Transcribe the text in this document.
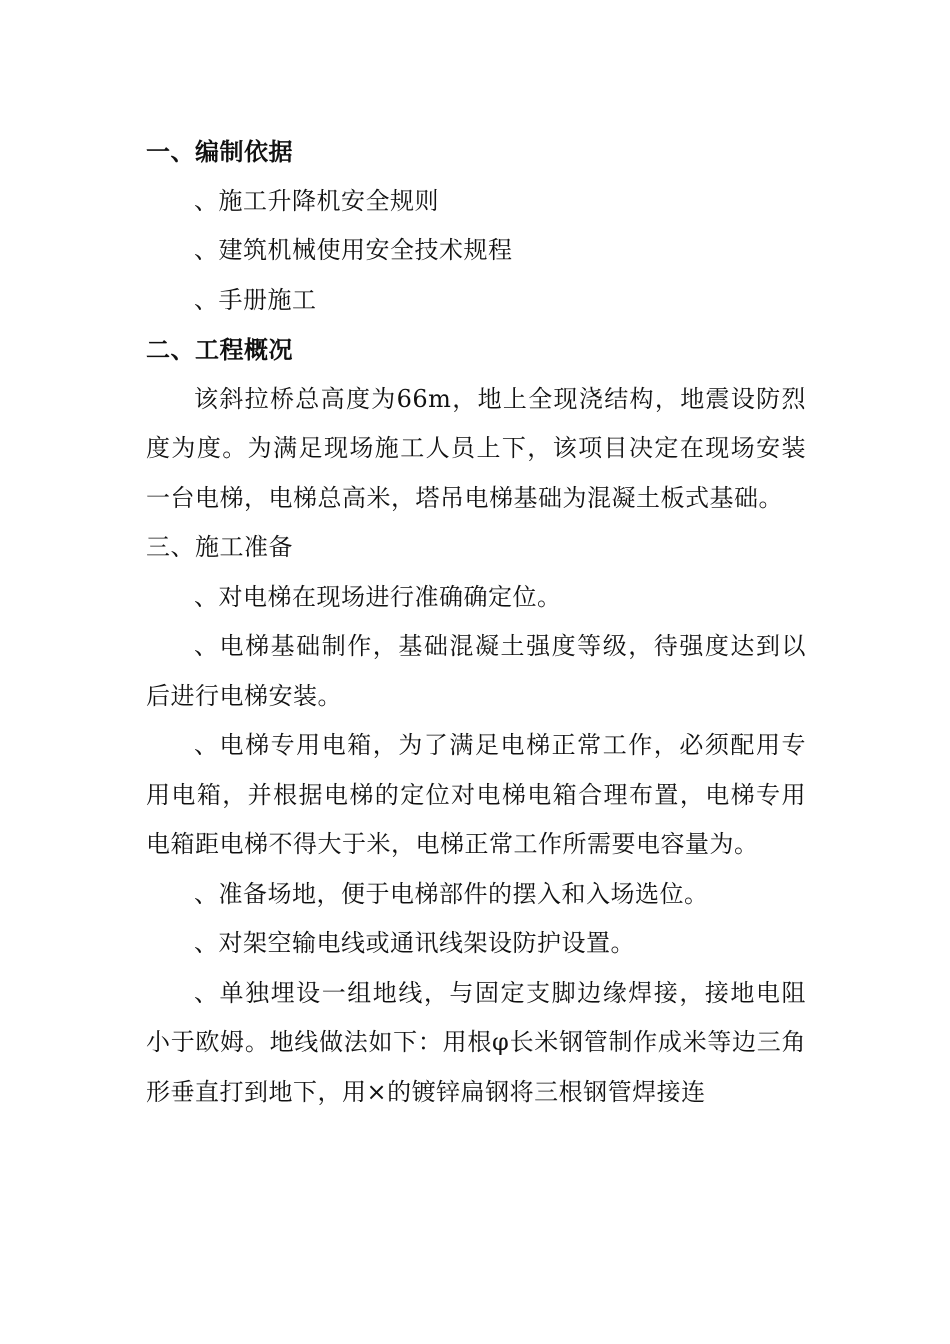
一、编制依据

、施工升降机安全规则

、建筑机械使用安全技术规程

、手册施工

二、工程概况

该斜拉桥总高度为66m，地上全现浇结构，地震设防烈度为度。为满足现场施工人员上下，该项目决定在现场安装一台电梯，电梯总高米，塔吊电梯基础为混凝土板式基础。

三、施工准备

、对电梯在现场进行准确确定位。

、电梯基础制作，基础混凝土强度等级，待强度达到以后进行电梯安装。

、电梯专用电箱，为了满足电梯正常工作，必须配用专用电箱，并根据电梯的定位对电梯电箱合理布置，电梯专用电箱距电梯不得大于米，电梯正常工作所需要电容量为。

、准备场地，便于电梯部件的摆入和入场选位。

、对架空输电线或通讯线架设防护设置。

、单独埋设一组地线，与固定支脚边缘焊接，接地电阻小于欧姆。地线做法如下：用根φ长米钢管制作成米等边三角形垂直打到地下，用×的镀锌扁钢将三根钢管焊接连
